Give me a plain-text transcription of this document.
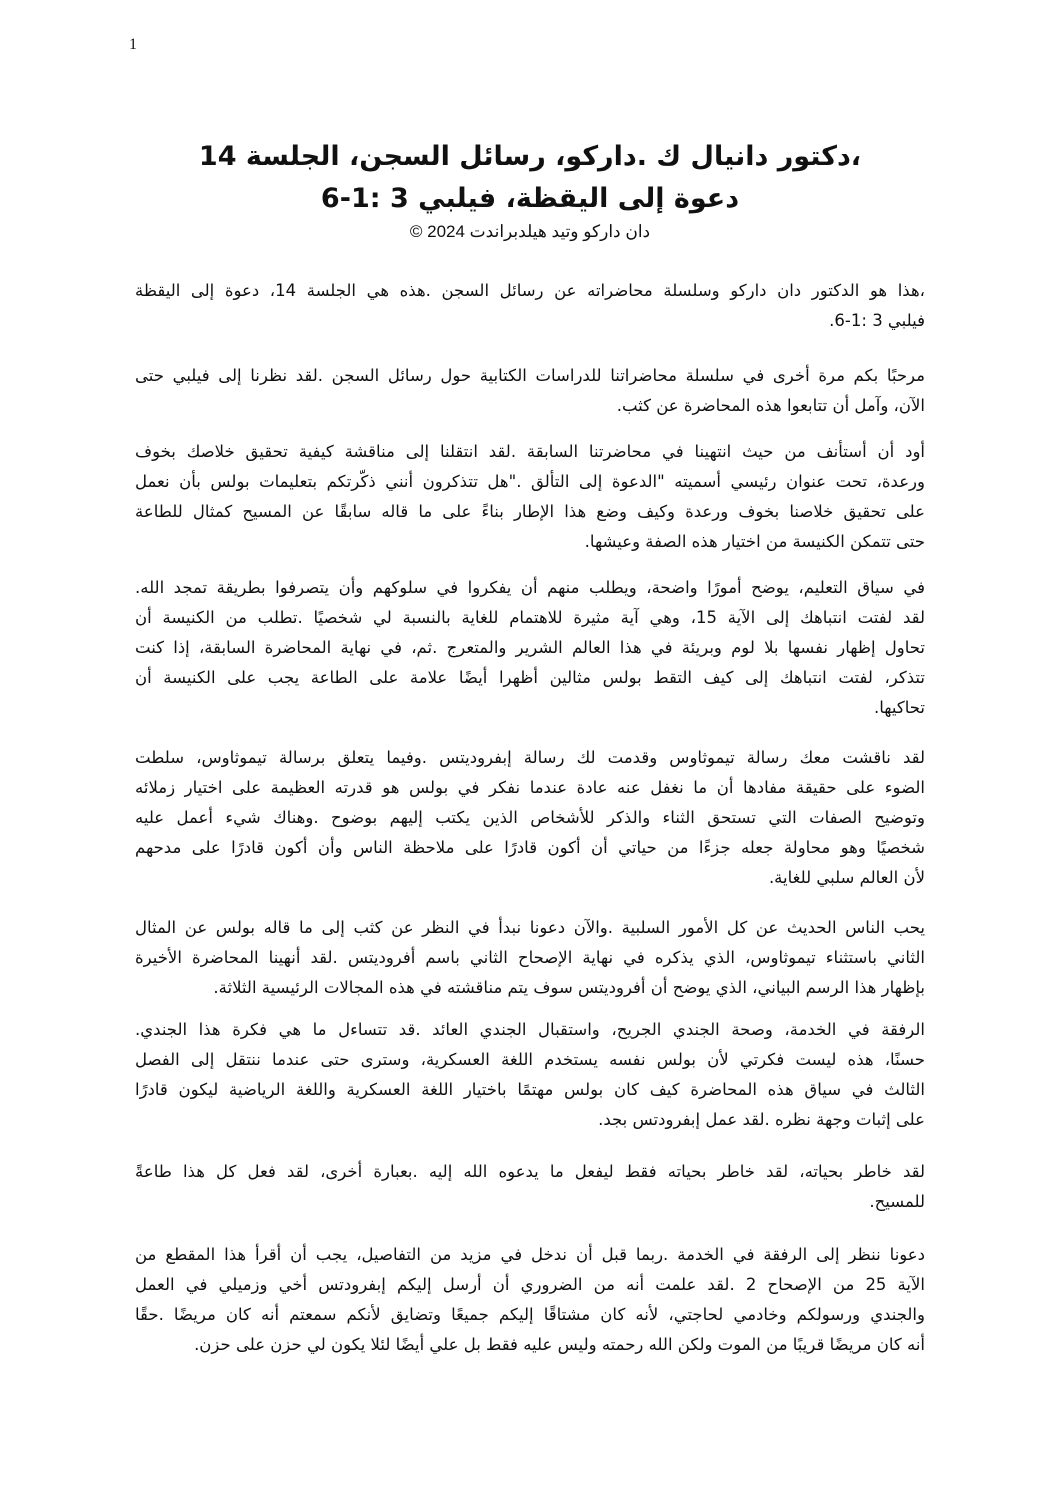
1
،دكتور دانيال ك .داركو، رسائل السجن، الجلسة 14
دعوة إلى اليقظة، فيلبي 3 :1-6
دان داركو وتيد هيلدبراندت 2024 ©
،هذا هو الدكتور دان داركو وسلسلة محاضراته عن رسائل السجن .هذه هي الجلسة 14، دعوة إلى اليقظة
فيلبي 3 :1-6.
مرحبًا بكم مرة أخرى في سلسلة محاضراتنا للدراسات الكتابية حول رسائل السجن .لقد نظرنا إلى فيلبي حتى
الآن، وآمل أن تتابعوا هذه المحاضرة عن كثب.
أود أن أستأنف من حيث انتهينا في محاضرتنا السابقة .لقد انتقلنا إلى مناقشة كيفية تحقيق خلاصك بخوف
ورعدة، تحت عنوان رئيسي أسميته "الدعوة إلى التألق ."هل تتذكرون أنني ذكّرتكم بتعليمات بولس بأن نعمل
على تحقيق خلاصنا بخوف ورعدة وكيف وضع هذا الإطار بناءً على ما قاله سابقًا عن المسيح كمثال للطاعة
حتى تتمكن الكنيسة من اختيار هذه الصفة وعيشها.
في سياق التعليم، يوضح أمورًا واضحة، ويطلب منهم أن يفكروا في سلوكهم وأن يتصرفوا بطريقة تمجد الله.
لقد لفتت انتباهك إلى الآية 15، وهي آية مثيرة للاهتمام للغاية بالنسبة لي شخصيًا .تطلب من الكنيسة أن
تحاول إظهار نفسها بلا لوم وبريئة في هذا العالم الشرير والمتعرج .ثم، في نهاية المحاضرة السابقة، إذا كنت
تتذكر، لفتت انتباهك إلى كيف التقط بولس مثالين أظهرا أيضًا علامة على الطاعة يجب على الكنيسة أن
تحاكيها.
لقد ناقشت معك رسالة تيموثاوس وقدمت لك رسالة إبفروديتس .وفيما يتعلق برسالة تيموثاوس، سلطت
الضوء على حقيقة مفادها أن ما نغفل عنه عادة عندما نفكر في بولس هو قدرته العظيمة على اختيار زملائه
وتوضيح الصفات التي تستحق الثناء والذكر للأشخاص الذين يكتب إليهم بوضوح .وهناك شيء أعمل عليه
شخصيًا وهو محاولة جعله جزءًا من حياتي أن أكون قادرًا على ملاحظة الناس وأن أكون قادرًا على مدحهم
لأن العالم سلبي للغاية.
يحب الناس الحديث عن كل الأمور السلبية .والآن دعونا نبدأ في النظر عن كثب إلى ما قاله بولس عن المثال
الثاني باستثناء تيموثاوس، الذي يذكره في نهاية الإصحاح الثاني باسم أفروديتس .لقد أنهينا المحاضرة الأخيرة
بإظهار هذا الرسم البياني، الذي يوضح أن أفروديتس سوف يتم مناقشته في هذه المجالات الرئيسية الثلاثة.
الرفقة في الخدمة، وصحة الجندي الجريح، واستقبال الجندي العائد .قد تتساءل ما هي فكرة هذا الجندي.
حسنًا، هذه ليست فكرتي لأن بولس نفسه يستخدم اللغة العسكرية، وسترى حتى عندما ننتقل إلى الفصل
الثالث في سياق هذه المحاضرة كيف كان بولس مهتمًا باختيار اللغة العسكرية واللغة الرياضية ليكون قادرًا
على إثبات وجهة نظره .لقد عمل إبفرودتس بجد.
لقد خاطر بحياته، لقد خاطر بحياته فقط ليفعل ما يدعوه الله إليه .بعبارة أخرى، لقد فعل كل هذا طاعةً
للمسيح.
دعونا ننظر إلى الرفقة في الخدمة .ربما قبل أن ندخل في مزيد من التفاصيل، يجب أن أقرأ هذا المقطع من
الآية 25 من الإصحاح 2 .لقد علمت أنه من الضروري أن أرسل إليكم إبفرودتس أخي وزميلي في العمل
والجندي ورسولكم وخادمي لحاجتي، لأنه كان مشتاقًا إليكم جميعًا وتضايق لأنكم سمعتم أنه كان مريضًا .حقًا
أنه كان مريضًا قريبًا من الموت ولكن الله رحمته وليس عليه فقط بل علي أيضًا لئلا يكون لي حزن على حزن.
